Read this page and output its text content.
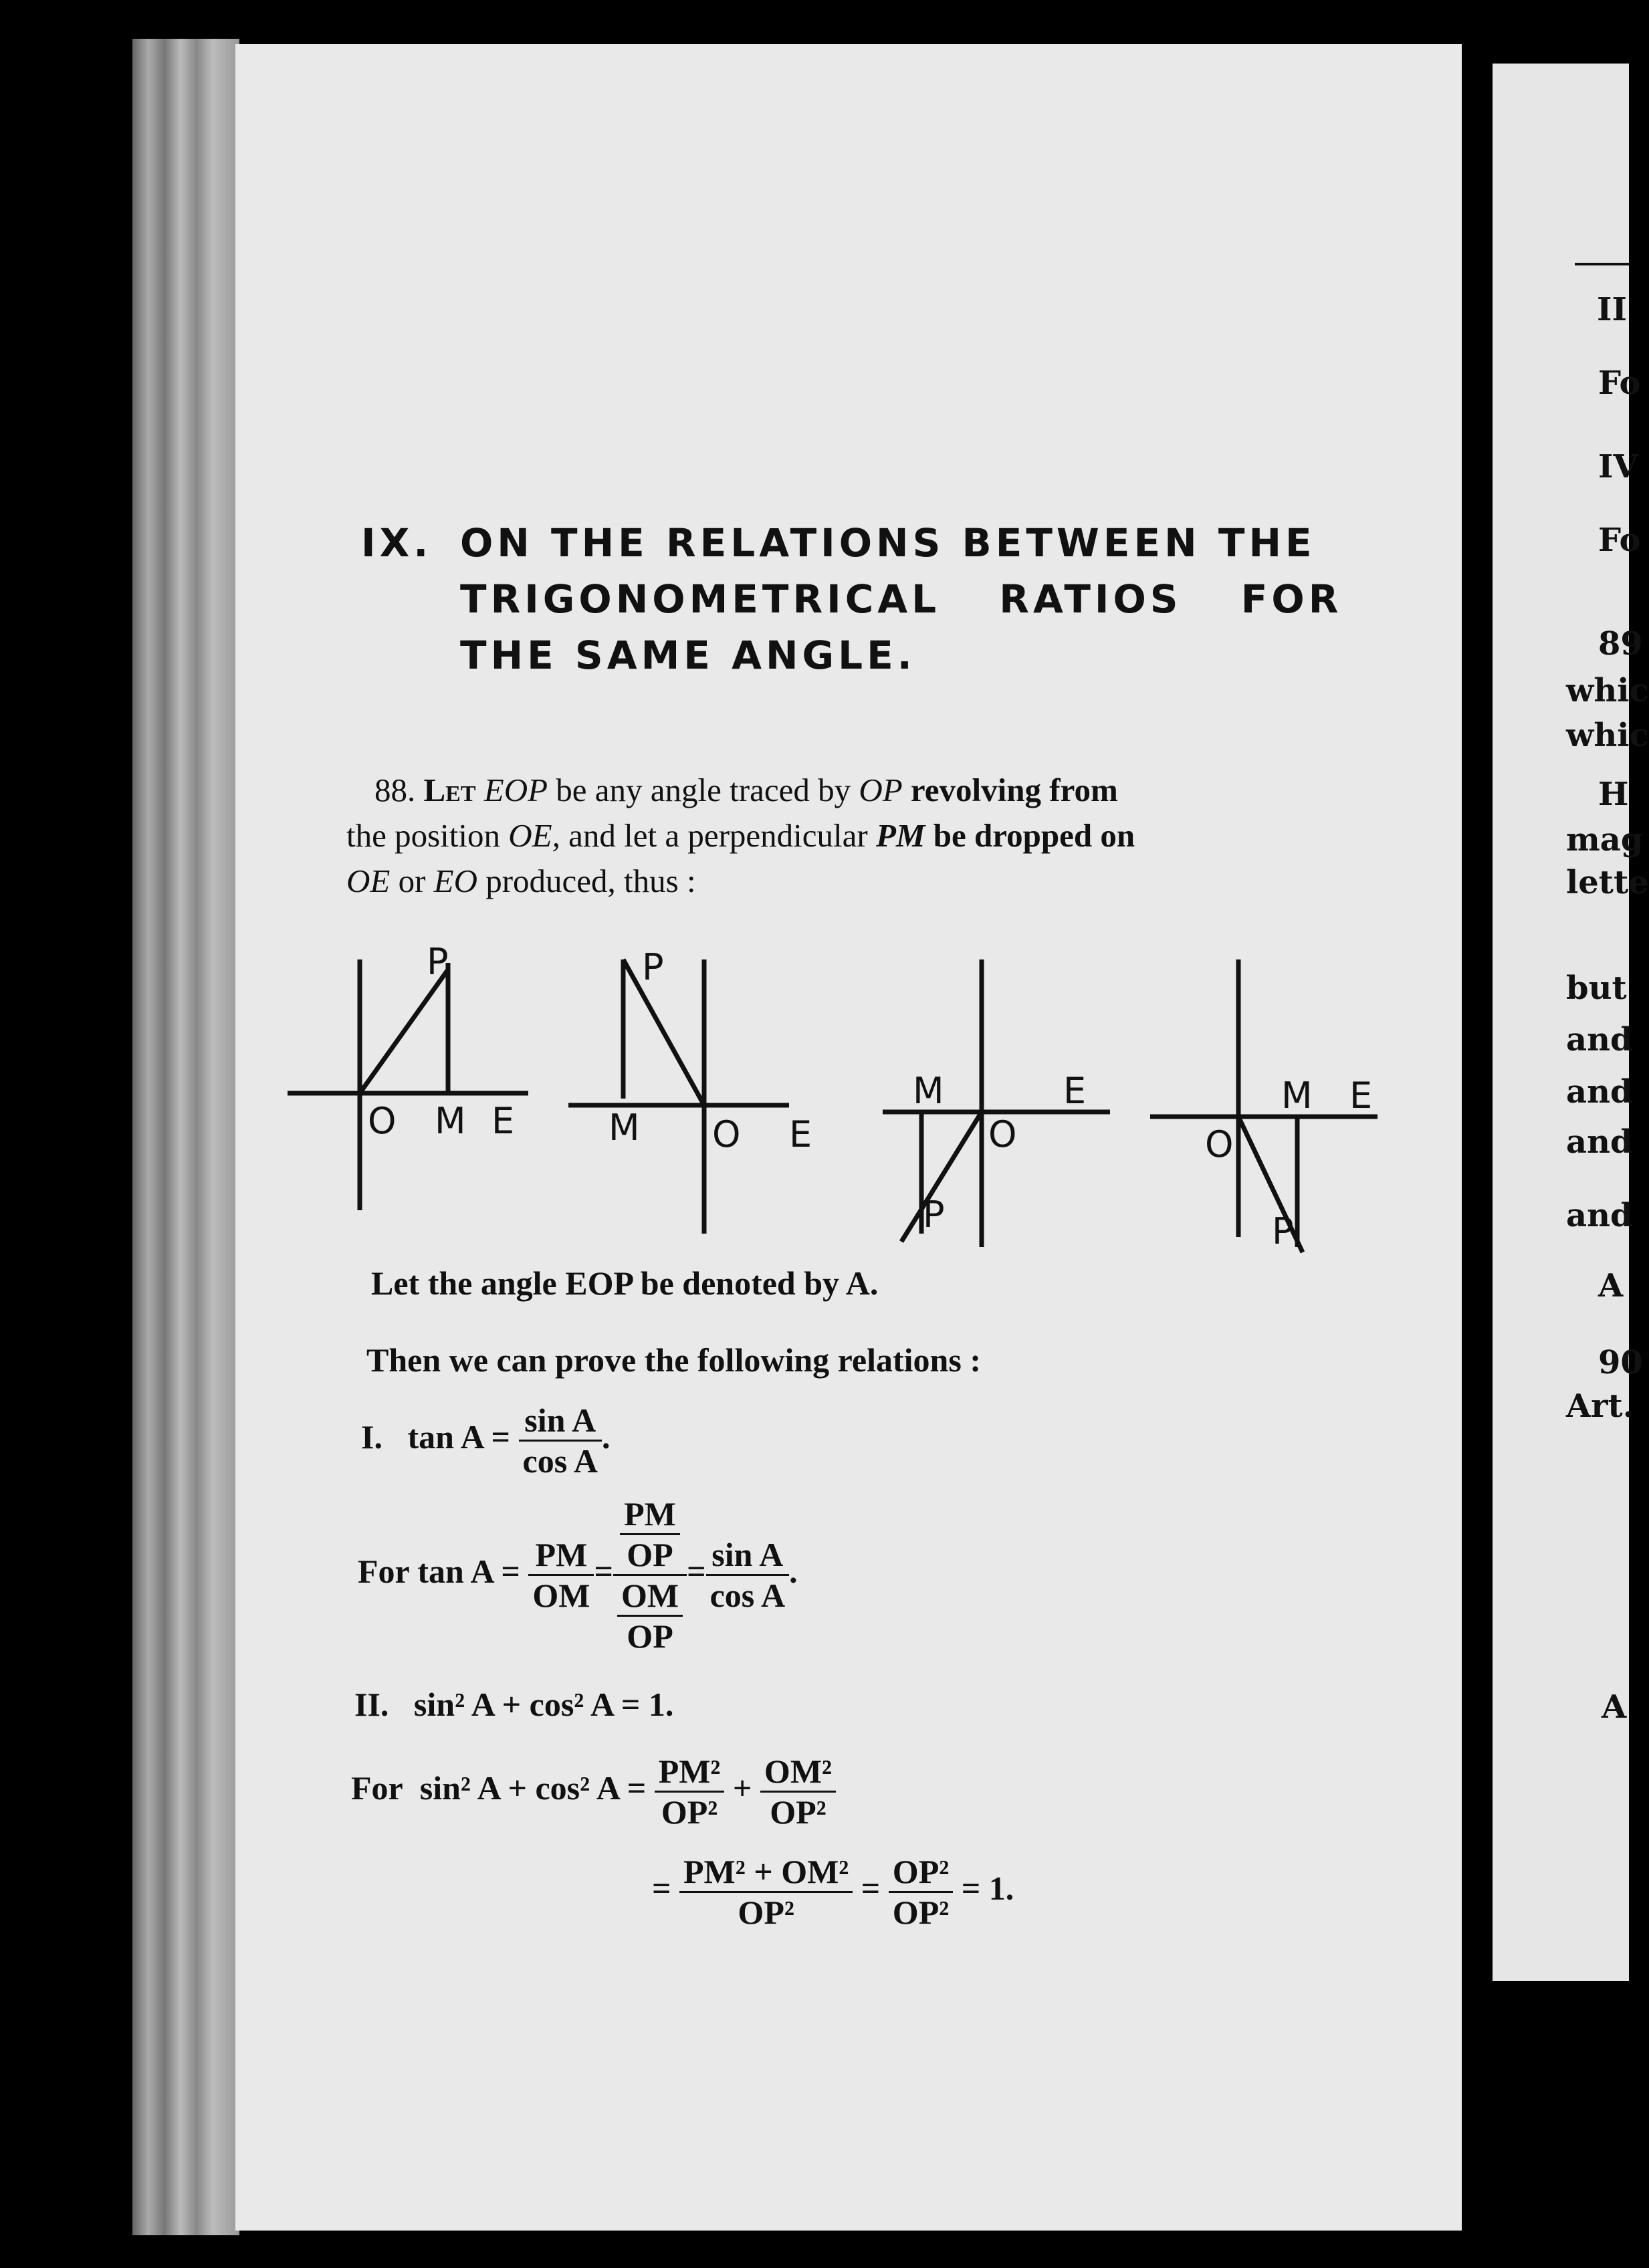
IX. ON THE RELATIONS BETWEEN THE
TRIGONOMETRICAL RATIOS FOR
THE SAME ANGLE.
88. Let EOP be any angle traced by OP revolving from
the position OE, and let a perpendicular PM be dropped on
OE or EO produced, thus :
P
O M E
P
M O E
M
O
E
P
O
M E
P
Let the angle EOP be denoted by A.
Then we can prove the following relations :
I. $\tan A = \frac{\text{sin A}}{\text{cos A}}$ .
For $\tan A = \frac{PM}{OM} = \frac{\frac{PM}{OP}}{\frac{OM}{OP}} = \frac{\text{sin A}}{\text{cos A}}$ .
II. sin² A + cos² A = 1.
For sin² A + cos² $A = \frac{\text{PM²}}{\text{OP²}} + \frac{\text{OM²}}{\text{OP²}}$
= $\frac{\text{PM² + OM²}}{\text{OP²}} = \frac{\text{OP²}}{\text{OP²}} = 1$.
II
Fo
IV
Fo
89
whic
whic
H
mag
lette
but
and
and
and
and
A
90
Art.
A
